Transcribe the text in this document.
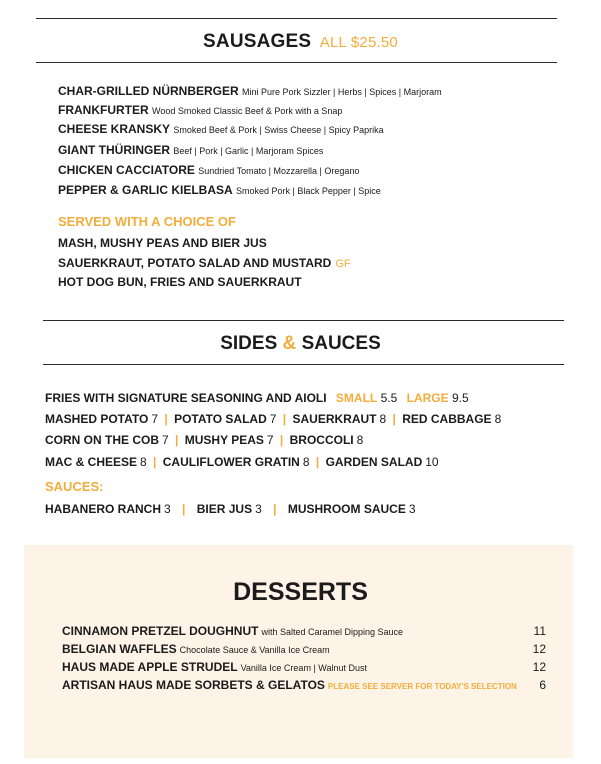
SAUSAGES ALL $25.50
CHAR-GRILLED NÜRNBERGER Mini Pure Pork Sizzler | Herbs | Spices | Marjoram
FRANKFURTER Wood Smoked Classic Beef & Pork with a Snap
CHEESE KRANSKY Smoked Beef & Pork | Swiss Cheese | Spicy Paprika
GIANT THÜRINGER Beef | Pork | Garlic | Marjoram Spices
CHICKEN CACCIATORE Sundried Tomato | Mozzarella | Oregano
PEPPER & GARLIC KIELBASA Smoked Pork | Black Pepper | Spice
SERVED WITH A CHOICE OF
MASH, MUSHY PEAS AND BIER JUS
SAUERKRAUT, POTATO SALAD AND MUSTARD GF
HOT DOG BUN, FRIES AND SAUERKRAUT
SIDES & SAUCES
FRIES WITH SIGNATURE SEASONING AND AIOLI SMALL 5.5 LARGE 9.5
MASHED POTATO 7 | POTATO SALAD 7 | SAUERKRAUT 8 | RED CABBAGE 8
CORN ON THE COB 7 | MUSHY PEAS 7 | BROCCOLI 8
MAC & CHEESE 8 | CAULIFLOWER GRATIN 8 | GARDEN SALAD 10
SAUCES:
HABANERO RANCH 3 | BIER JUS 3 | MUSHROOM SAUCE 3
DESSERTS
CINNAMON PRETZEL DOUGHNUT with Salted Caramel Dipping Sauce	11
BELGIAN WAFFLES Chocolate Sauce & Vanilla Ice Cream	12
HAUS MADE APPLE STRUDEL Vanilla Ice Cream | Walnut Dust	12
ARTISAN HAUS MADE SORBETS & GELATOS PLEASE SEE SERVER FOR TODAY'S SELECTION 6
